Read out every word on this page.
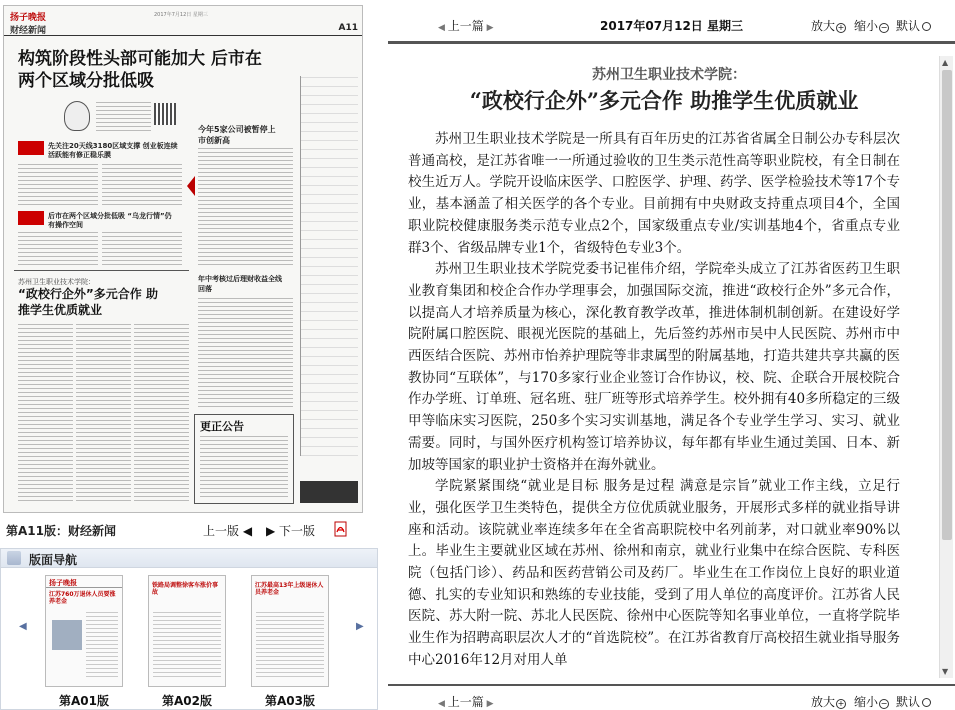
扬子晚报
财经新闻
2017年7月12日 星期三
A11
构筑阶段性头部可能加大 后市在两个区域分批低吸
先关注20天线3180区域支撑 创业板连续活跃能有修正稳乐膜
后市在两个区域分批低吸 “乌龙行情”仍有操作空间
今年5家公司被暂停上市创新高
年中考核过后理财收益全线回落
苏州卫生职业技术学院：
“政校行企外”多元合作 助推学生优质就业
更正公告
第A11版：财经新闻	上一版 ◀ ▶ 下一版
版面导航
◀	▶
扬子晚报
江苏760万退休人员要涨养老金
第A01版
铁路局调整徐客车涨价事故
第A02版
江苏最高13年上级退休人员养老金
第A03版
◀ 上一篇 ▶	2017年07月12日 星期三	放大 + 缩小 − 默认
苏州卫生职业技术学院：
“政校行企外”多元合作 助推学生优质就业

苏州卫生职业技术学院是一所具有百年历史的江苏省省属全日制公办专科层次普通高校，是江苏省唯一一所通过验收的卫生类示范性高等职业院校，有全日制在校生近万人。学院开设临床医学、口腔医学、护理、药学、医学检验技术等17个专业，基本涵盖了相关医学的各个专业。目前拥有中央财政支持重点项目4个，全国职业院校健康服务类示范专业点2个，国家级重点专业/实训基地4个，省重点专业群3个、省级品牌专业1个，省级特色专业3个。

苏州卫生职业技术学院党委书记崔伟介绍，学院牵头成立了江苏省医药卫生职业教育集团和校企合作办学理事会，加强国际交流，推进“政校行企外”多元合作，以提高人才培养质量为核心，深化教育教学改革，推进体制机制创新。在建设好学院附属口腔医院、眼视光医院的基础上，先后签约苏州市吴中人民医院、苏州市中西医结合医院、苏州市怡养护理院等非隶属型的附属基地，打造共建共享共赢的医教协同“互联体”，与170多家行业企业签订合作协议，校、院、企联合开展校院合作办学班、订单班、冠名班、驻厂班等形式培养学生。校外拥有40多所稳定的三级甲等临床实习医院，250多个实习实训基地，满足各个专业学生学习、实习、就业需要。同时，与国外医疗机构签订培养协议，每年都有毕业生通过美国、日本、新加坡等国家的职业护士资格并在海外就业。

学院紧紧围绕“就业是目标 服务是过程 满意是宗旨”就业工作主线，立足行业，强化医学卫生类特色，提供全方位优质就业服务，开展形式多样的就业指导讲座和活动。该院就业率连续多年在全省高职院校中名列前茅，对口就业率90%以上。毕业生主要就业区域在苏州、徐州和南京，就业行业集中在综合医院、专科医院（包括门诊）、药品和医药营销公司及药厂。毕业生在工作岗位上良好的职业道德、扎实的专业知识和熟练的专业技能，受到了用人单位的高度评价。江苏省人民医院、苏大附一院、苏北人民医院、徐州中心医院等知名事业单位，一直将学院毕业生作为招聘高职层次人才的“首选院校”。在江苏省教育厅高校招生就业指导服务中心2016年12月对用人单

▲
▼
◀ 上一篇 ▶	放大 + 缩小 − 默认
